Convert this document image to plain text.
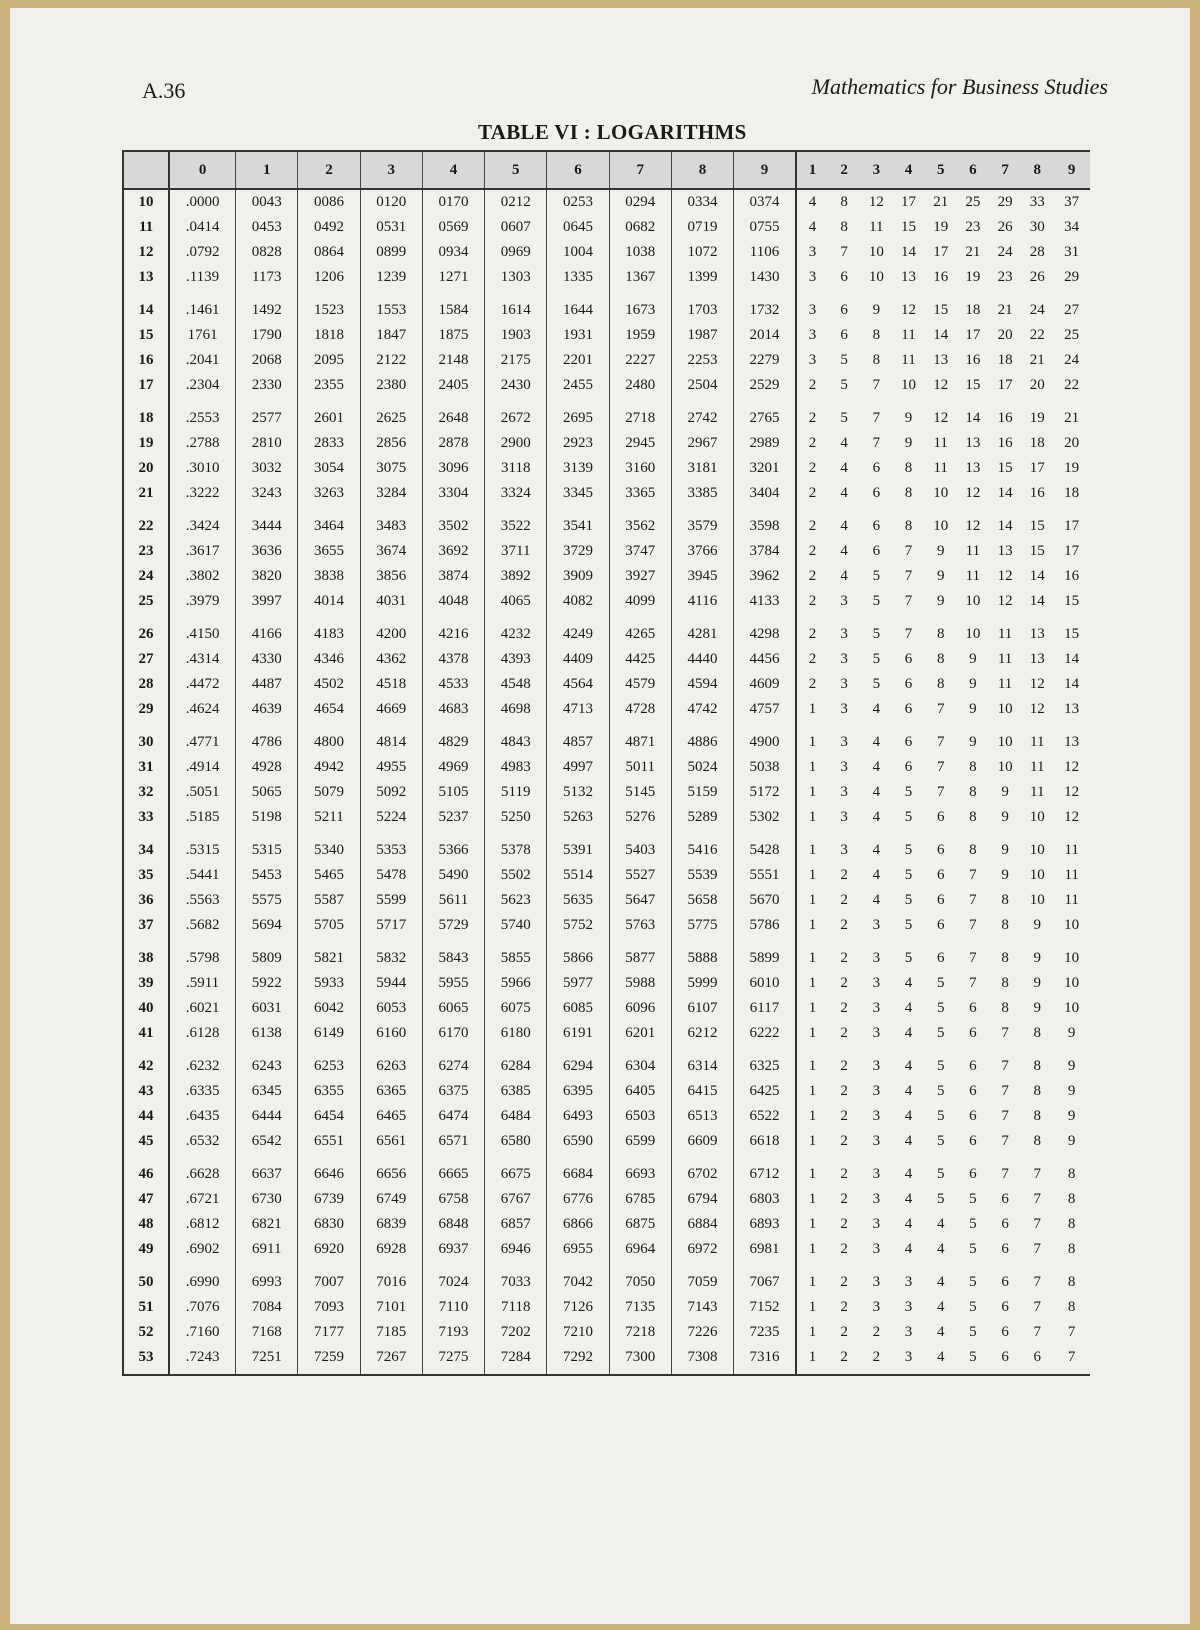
A.36	Mathematics for Business Studies
TABLE VI : LOGARITHMS
	0	1	2	3	4	5	6	7	8	9	1	2	3	4	5	6	7	8	9
10	.0000	0043	0086	0120	0170	0212	0253	0294	0334	0374	4	8	12	17	21	25	29	33	37
11	.0414	0453	0492	0531	0569	0607	0645	0682	0719	0755	4	8	11	15	19	23	26	30	34
12	.0792	0828	0864	0899	0934	0969	1004	1038	1072	1106	3	7	10	14	17	21	24	28	31
13	.1139	1173	1206	1239	1271	1303	1335	1367	1399	1430	3	6	10	13	16	19	23	26	29
14	.1461	1492	1523	1553	1584	1614	1644	1673	1703	1732	3	6	9	12	15	18	21	24	27
15	1761	1790	1818	1847	1875	1903	1931	1959	1987	2014	3	6	8	11	14	17	20	22	25
16	.2041	2068	2095	2122	2148	2175	2201	2227	2253	2279	3	5	8	11	13	16	18	21	24
17	.2304	2330	2355	2380	2405	2430	2455	2480	2504	2529	2	5	7	10	12	15	17	20	22
18	.2553	2577	2601	2625	2648	2672	2695	2718	2742	2765	2	5	7	9	12	14	16	19	21
19	.2788	2810	2833	2856	2878	2900	2923	2945	2967	2989	2	4	7	9	11	13	16	18	20
20	.3010	3032	3054	3075	3096	3118	3139	3160	3181	3201	2	4	6	8	11	13	15	17	19
21	.3222	3243	3263	3284	3304	3324	3345	3365	3385	3404	2	4	6	8	10	12	14	16	18
22	.3424	3444	3464	3483	3502	3522	3541	3562	3579	3598	2	4	6	8	10	12	14	15	17
23	.3617	3636	3655	3674	3692	3711	3729	3747	3766	3784	2	4	6	7	9	11	13	15	17
24	.3802	3820	3838	3856	3874	3892	3909	3927	3945	3962	2	4	5	7	9	11	12	14	16
25	.3979	3997	4014	4031	4048	4065	4082	4099	4116	4133	2	3	5	7	9	10	12	14	15
26	.4150	4166	4183	4200	4216	4232	4249	4265	4281	4298	2	3	5	7	8	10	11	13	15
27	.4314	4330	4346	4362	4378	4393	4409	4425	4440	4456	2	3	5	6	8	9	11	13	14
28	.4472	4487	4502	4518	4533	4548	4564	4579	4594	4609	2	3	5	6	8	9	11	12	14
29	.4624	4639	4654	4669	4683	4698	4713	4728	4742	4757	1	3	4	6	7	9	10	12	13
30	.4771	4786	4800	4814	4829	4843	4857	4871	4886	4900	1	3	4	6	7	9	10	11	13
31	.4914	4928	4942	4955	4969	4983	4997	5011	5024	5038	1	3	4	6	7	8	10	11	12
32	.5051	5065	5079	5092	5105	5119	5132	5145	5159	5172	1	3	4	5	7	8	9	11	12
33	.5185	5198	5211	5224	5237	5250	5263	5276	5289	5302	1	3	4	5	6	8	9	10	12
34	.5315	5315	5340	5353	5366	5378	5391	5403	5416	5428	1	3	4	5	6	8	9	10	11
35	.5441	5453	5465	5478	5490	5502	5514	5527	5539	5551	1	2	4	5	6	7	9	10	11
36	.5563	5575	5587	5599	5611	5623	5635	5647	5658	5670	1	2	4	5	6	7	8	10	11
37	.5682	5694	5705	5717	5729	5740	5752	5763	5775	5786	1	2	3	5	6	7	8	9	10
38	.5798	5809	5821	5832	5843	5855	5866	5877	5888	5899	1	2	3	5	6	7	8	9	10
39	.5911	5922	5933	5944	5955	5966	5977	5988	5999	6010	1	2	3	4	5	7	8	9	10
40	.6021	6031	6042	6053	6065	6075	6085	6096	6107	6117	1	2	3	4	5	6	8	9	10
41	.6128	6138	6149	6160	6170	6180	6191	6201	6212	6222	1	2	3	4	5	6	7	8	9
42	.6232	6243	6253	6263	6274	6284	6294	6304	6314	6325	1	2	3	4	5	6	7	8	9
43	.6335	6345	6355	6365	6375	6385	6395	6405	6415	6425	1	2	3	4	5	6	7	8	9
44	.6435	6444	6454	6465	6474	6484	6493	6503	6513	6522	1	2	3	4	5	6	7	8	9
45	.6532	6542	6551	6561	6571	6580	6590	6599	6609	6618	1	2	3	4	5	6	7	8	9
46	.6628	6637	6646	6656	6665	6675	6684	6693	6702	6712	1	2	3	4	5	6	7	7	8
47	.6721	6730	6739	6749	6758	6767	6776	6785	6794	6803	1	2	3	4	5	5	6	7	8
48	.6812	6821	6830	6839	6848	6857	6866	6875	6884	6893	1	2	3	4	4	5	6	7	8
49	.6902	6911	6920	6928	6937	6946	6955	6964	6972	6981	1	2	3	4	4	5	6	7	8
50	.6990	6993	7007	7016	7024	7033	7042	7050	7059	7067	1	2	3	3	4	5	6	7	8
51	.7076	7084	7093	7101	7110	7118	7126	7135	7143	7152	1	2	3	3	4	5	6	7	8
52	.7160	7168	7177	7185	7193	7202	7210	7218	7226	7235	1	2	2	3	4	5	6	7	7
53	.7243	7251	7259	7267	7275	7284	7292	7300	7308	7316	1	2	2	3	4	5	6	6	7
